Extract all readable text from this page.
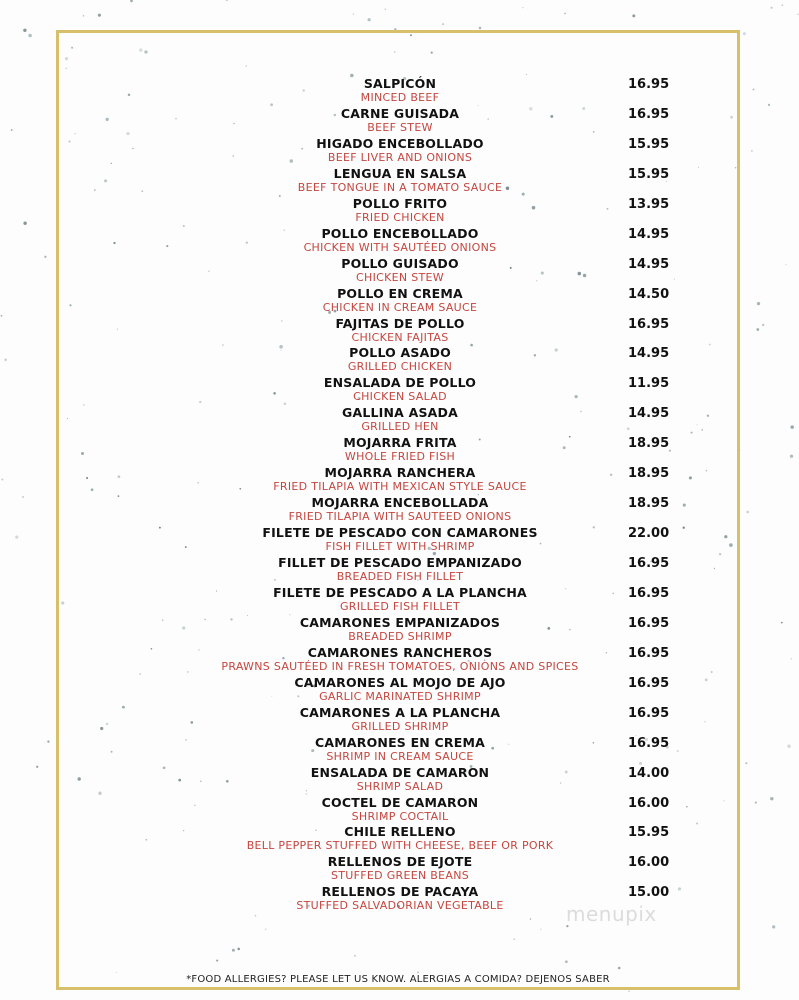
SALPICÓN
MINCED BEEF
16.95
CARNE GUISADA
BEEF STEW
16.95
HIGADO ENCEBOLLADO
BEEF LIVER AND ONIONS
15.95
LENGUA EN SALSA
BEEF TONGUE IN A TOMATO SAUCE
15.95
POLLO FRITO
FRIED CHICKEN
13.95
POLLO ENCEBOLLADO
CHICKEN WITH SAUTÉED ONIONS
14.95
POLLO GUISADO
CHICKEN STEW
14.95
POLLO EN CREMA
CHICKEN IN CREAM SAUCE
14.50
FAJITAS DE POLLO
CHICKEN FAJITAS
16.95
POLLO ASADO
GRILLED CHICKEN
14.95
ENSALADA DE POLLO
CHICKEN SALAD
11.95
GALLINA ASADA
GRILLED HEN
14.95
MOJARRA FRITA
WHOLE FRIED FISH
18.95
MOJARRA RANCHERA
FRIED TILAPIA WITH MEXICAN STYLE SAUCE
18.95
MOJARRA ENCEBOLLADA
FRIED TILAPIA WITH SAUTEED ONIONS
18.95
FILETE DE PESCADO CON CAMARONES
FISH FILLET WITH SHRIMP
22.00
FILLET DE PESCADO EMPANIZADO
BREADED FISH FILLET
16.95
FILETE DE PESCADO A LA PLANCHA
GRILLED FISH FILLET
16.95
CAMARONES EMPANIZADOS
BREADED SHRIMP
16.95
CAMARONES RANCHEROS
PRAWNS SAUTÉED IN FRESH TOMATOES, ONIONS AND SPICES
16.95
CAMARONES AL MOJO DE AJO
GARLIC MARINATED SHRIMP
16.95
CAMARONES A LA PLANCHA
GRILLED SHRIMP
16.95
CAMARONES EN CREMA
SHRIMP IN CREAM SAUCE
16.95
ENSALADA DE CAMARON
SHRIMP SALAD
14.00
COCTEL DE CAMARON
SHRIMP COCTAIL
16.00
CHILE RELLENO
BELL PEPPER STUFFED WITH CHEESE, BEEF OR PORK
15.95
RELLENOS DE EJOTE
STUFFED GREEN BEANS
16.00
RELLENOS DE PACAYA
STUFFED SALVADORIAN VEGETABLE
15.00
menupix
*FOOD ALLERGIES? PLEASE LET US KNOW. ALERGIAS A COMIDA? DEJENOS SABER
